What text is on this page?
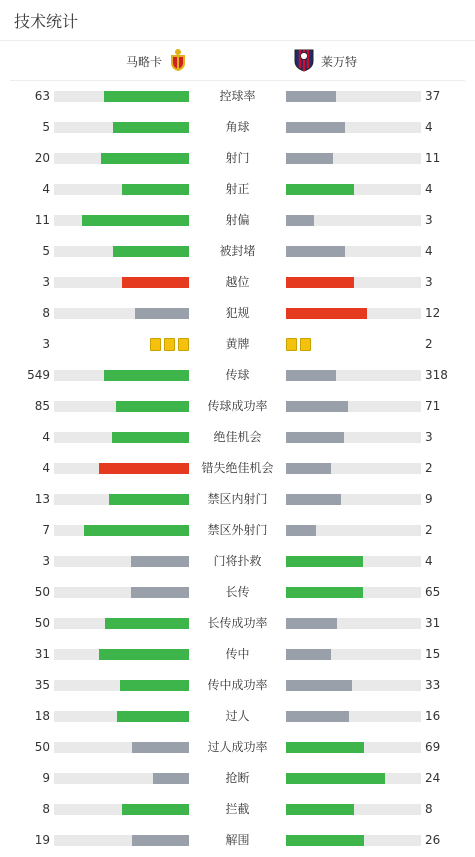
技术统计
马略卡	莱万特
63	控球率	37
5	角球	4
20	射门	11
4	射正	4
11	射偏	3
5	被封堵	4
3	越位	3
8	犯规	12
3	黄牌	2
549	传球	318
85	传球成功率	71
4	绝佳机会	3
4	错失绝佳机会	2
13	禁区内射门	9
7	禁区外射门	2
3	门将扑救	4
50	长传	65
50	长传成功率	31
31	传中	15
35	传中成功率	33
18	过人	16
50	过人成功率	69
9	抢断	24
8	拦截	8
19	解围	26
